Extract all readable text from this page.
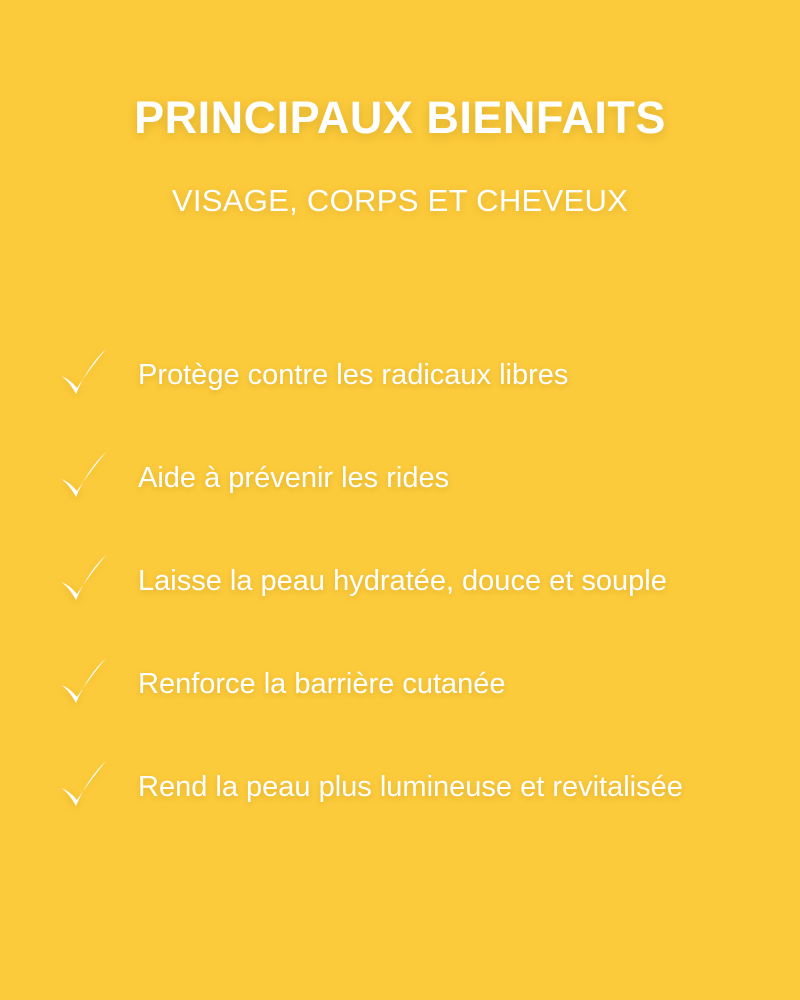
PRINCIPAUX BIENFAITS
VISAGE, CORPS ET CHEVEUX
Protège contre les radicaux libres
Aide à prévenir les rides
Laisse la peau hydratée, douce et souple
Renforce la barrière cutanée
Rend la peau plus lumineuse et revitalisée
